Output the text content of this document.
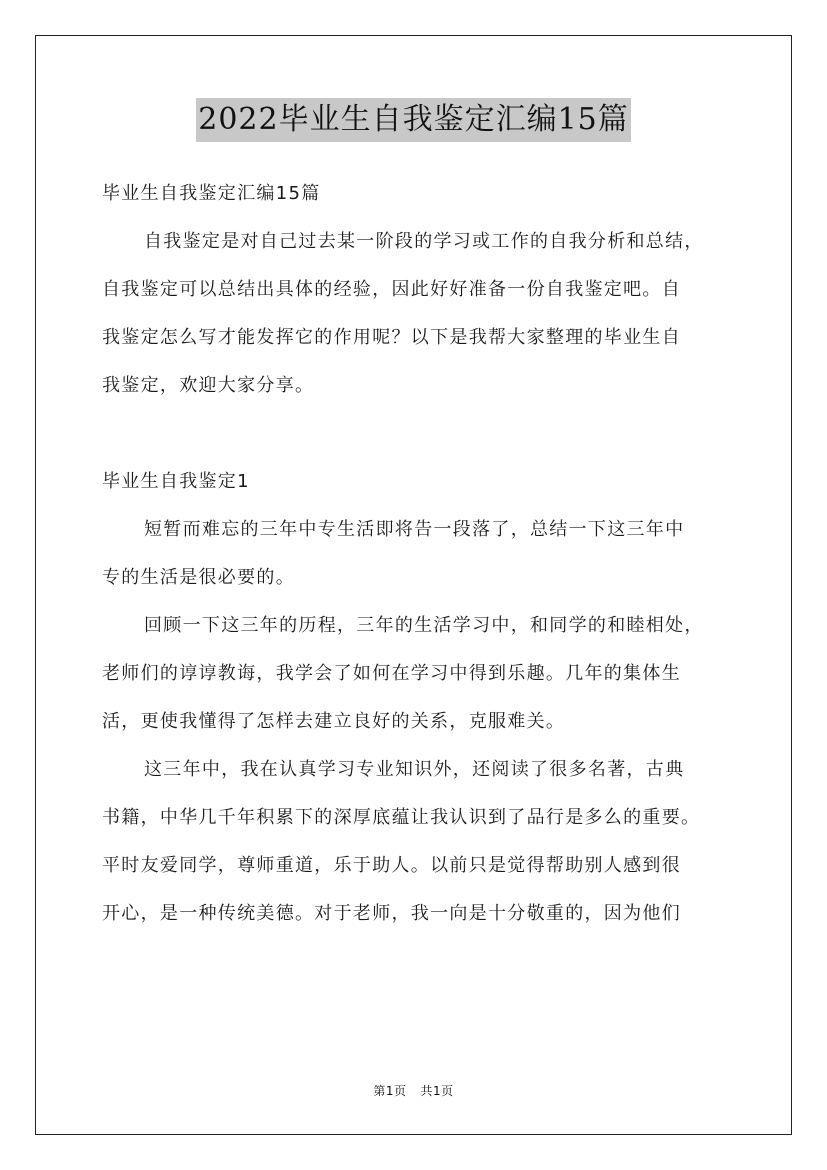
2022毕业生自我鉴定汇编15篇
毕业生自我鉴定汇编15篇
自我鉴定是对自己过去某一阶段的学习或工作的自我分析和总结，
自我鉴定可以总结出具体的经验，因此好好准备一份自我鉴定吧。自
我鉴定怎么写才能发挥它的作用呢？以下是我帮大家整理的毕业生自
我鉴定，欢迎大家分享。
毕业生自我鉴定1
短暂而难忘的三年中专生活即将告一段落了，总结一下这三年中
专的生活是很必要的。
回顾一下这三年的历程，三年的生活学习中，和同学的和睦相处，
老师们的谆谆教诲，我学会了如何在学习中得到乐趣。几年的集体生
活，更使我懂得了怎样去建立良好的关系，克服难关。
这三年中，我在认真学习专业知识外，还阅读了很多名著，古典
书籍，中华几千年积累下的深厚底蕴让我认识到了品行是多么的重要。
平时友爱同学，尊师重道，乐于助人。以前只是觉得帮助别人感到很
开心，是一种传统美德。对于老师，我一向是十分敬重的，因为他们
第1页 共1页
